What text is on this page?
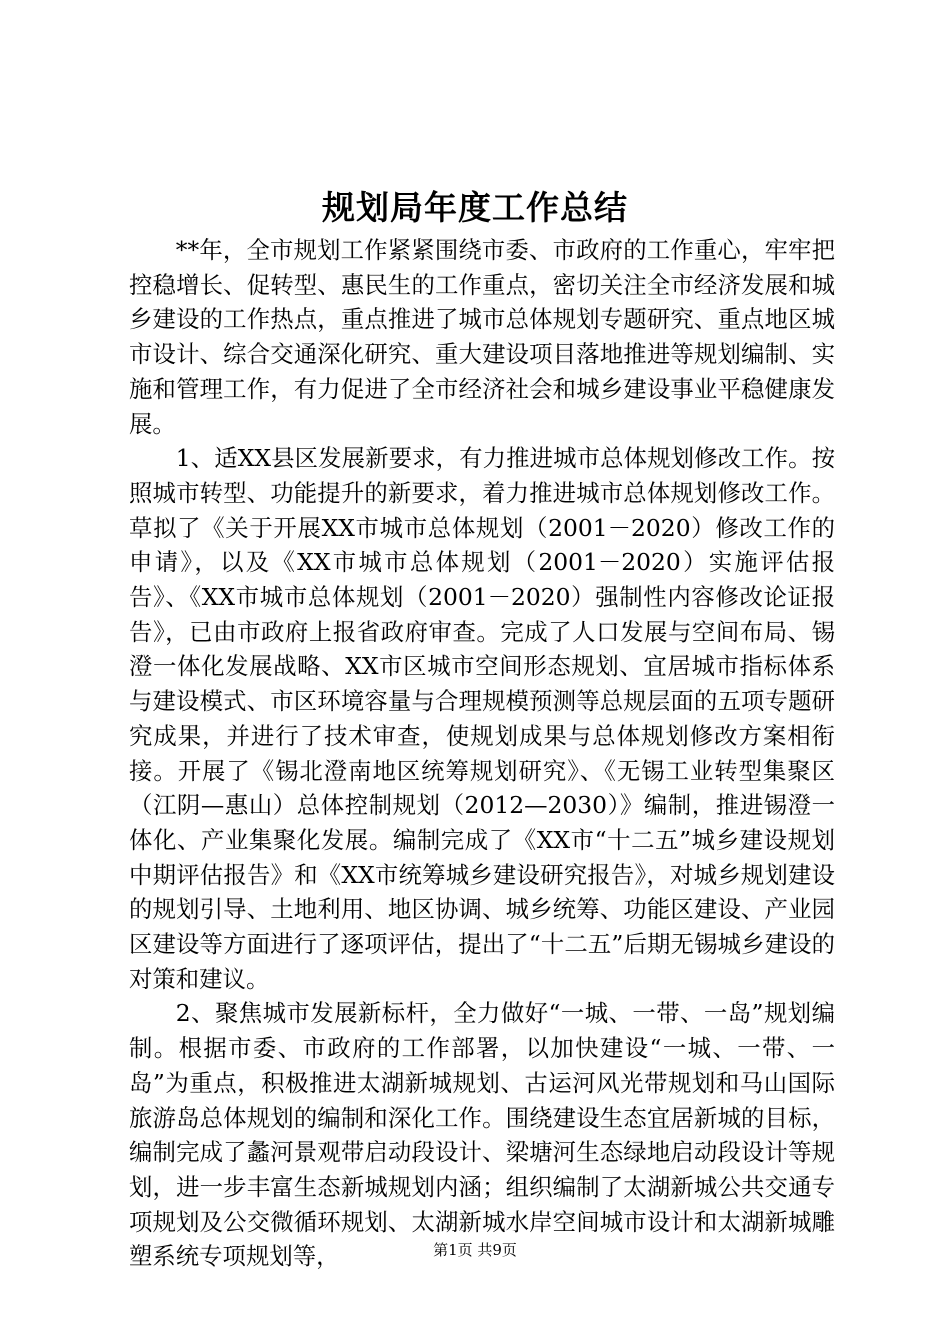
规划局年度工作总结

**年，全市规划工作紧紧围绕市委、市政府的工作重心，牢牢把控稳增长、促转型、惠民生的工作重点，密切关注全市经济发展和城乡建设的工作热点，重点推进了城市总体规划专题研究、重点地区城市设计、综合交通深化研究、重大建设项目落地推进等规划编制、实施和管理工作，有力促进了全市经济社会和城乡建设事业平稳健康发展。

1、适XX县区发展新要求，有力推进城市总体规划修改工作。按照城市转型、功能提升的新要求，着力推进城市总体规划修改工作。草拟了《关于开展XX市城市总体规划（2001－2020）修改工作的申请》，以及《XX市城市总体规划（2001－2020）实施评估报告》、《XX市城市总体规划（2001－2020）强制性内容修改论证报告》，已由市政府上报省政府审查。完成了人口发展与空间布局、锡澄一体化发展战略、XX市区城市空间形态规划、宜居城市指标体系与建设模式、市区环境容量与合理规模预测等总规层面的五项专题研究成果，并进行了技术审查，使规划成果与总体规划修改方案相衔接。开展了《锡北澄南地区统筹规划研究》、《无锡工业转型集聚区（江阴—惠山）总体控制规划（2012—2030）》编制，推进锡澄一体化、产业集聚化发展。编制完成了《XX市“十二五”城乡建设规划中期评估报告》和《XX市统筹城乡建设研究报告》，对城乡规划建设的规划引导、土地利用、地区协调、城乡统筹、功能区建设、产业园区建设等方面进行了逐项评估，提出了“十二五”后期无锡城乡建设的对策和建议。

2、聚焦城市发展新标杆，全力做好“一城、一带、一岛”规划编制。根据市委、市政府的工作部署，以加快建设“一城、一带、一岛”为重点，积极推进太湖新城规划、古运河风光带规划和马山国际旅游岛总体规划的编制和深化工作。围绕建设生态宜居新城的目标，编制完成了蠡河景观带启动段设计、梁塘河生态绿地启动段设计等规划，进一步丰富生态新城规划内涵；组织编制了太湖新城公共交通专项规划及公交微循环规划、太湖新城水岸空间城市设计和太湖新城雕塑系统专项规划等，	第1页 共9页
